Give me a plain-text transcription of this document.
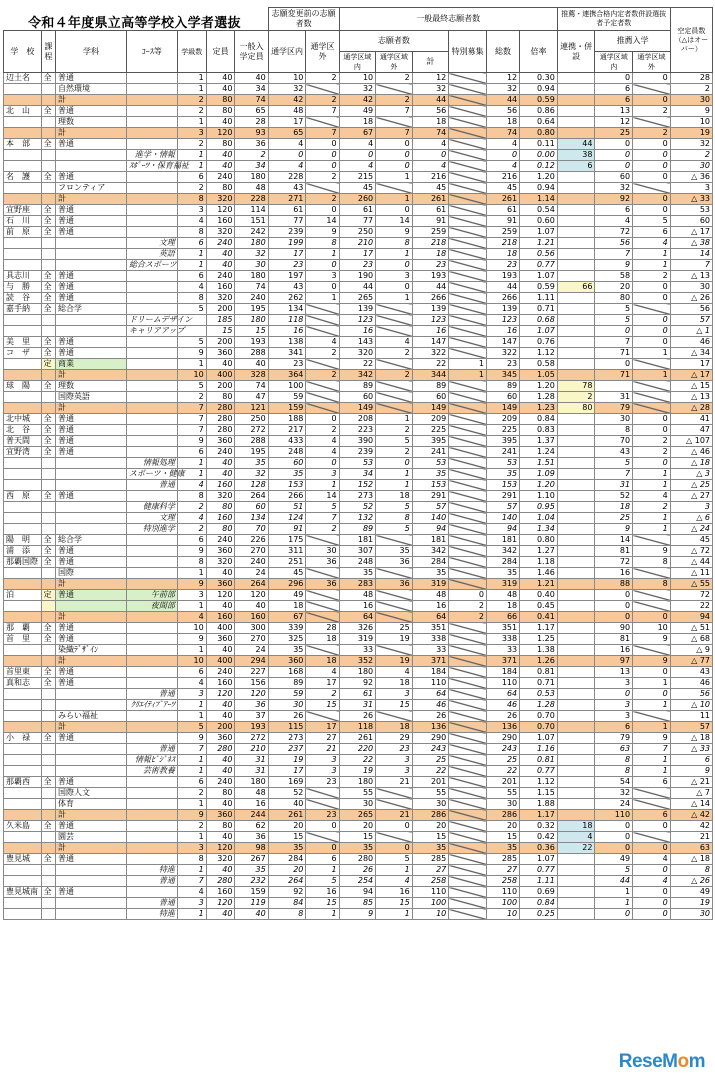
令和４年度県立高等学校入学者選抜
							志願変更前の志願者数		一般最終志願者数						推薦・連携合格内定者数併設選抜者予定者数			空定員数（△はオーバー）
学　校	課程	学科	ｺｰｽ等	学級数	定員	一般入学定員	通学区内	通学区外	志願者数			特別募集	総数	倍率	連携・併設	推薦入学		
									通学区域内	通学区域外	計					通学区域内	通学区域外	
辺土名	全	普通		1	40	40	10	2	10	2	12		12	0.30		0	0	28
		自然環境		1	40	34	32		32		32		32	0.94		6		2
		計		2	80	74	42	2	42	2	44		44	0.59		6	0	30
北　山	全	普通		2	80	65	48	7	49	7	56		56	0.86		13	2	9
		理数		1	40	28	17		18		18		18	0.64		12		10
		計		3	120	93	65	7	67	7	74		74	0.80		25	2	19
本　部	全	普通		2	80	36	4	0	4	0	4		4	0.11	44	0	0	32
			進学・情報	1	40	2	0	0	0	0	0		0	0.00	38	0	0	2
			ｽﾎﾟｰﾂ・保育福祉	1	40	34	4	0	4	0	4		4	0.12	6	0	0	30
名　護	全	普通		6	240	180	228	2	215	1	216		216	1.20		60	0	△ 36
		フロンティア		2	80	48	43		45		45		45	0.94		32		3
		計		8	320	228	271	2	260	1	261		261	1.14		92	0	△ 33
宜野座	全	普通		3	120	114	61	0	61	0	61		61	0.54		6	0	53
石　川	全	普通		4	160	151	77	14	77	14	91		91	0.60		4	5	60
前　原	全	普通		8	320	242	239	9	250	9	259		259	1.07		72	6	△ 17
			文理	6	240	180	199	8	210	8	218		218	1.21		56	4	△ 38
			英語	1	40	32	17	1	17	1	18		18	0.56		7	1	14
			総合スポーツ	1	40	30	23	0	23	0	23		23	0.77		9	1	7
具志川	全	普通		6	240	180	197	3	190	3	193		193	1.07		58	2	△ 13
与　勝	全	普通		4	160	74	43	0	44	0	44		44	0.59	66	20	0	30
読　谷	全	普通		8	320	240	262	1	265	1	266		266	1.11		80	0	△ 26
嘉手納	全	総合学		5	200	195	134		139		139		139	0.71		5		56
			ドリームデザイン		185	180	118		123		123		123	0.68		5	0	57
			キャリアアップ		15	15	16		16		16		16	1.07		0	0	△ 1
美　里	全	普通		5	200	193	138	4	143	4	147		147	0.76		7	0	46
コ　ザ	全	普通		9	360	288	341	2	320	2	322		322	1.12		71	1	△ 34
	定	商業		1	40	40	23		22		22	1	23	0.58		0		17
		計		10	400	328	364	2	342	2	344	1	345	1.05		71	1	△ 17
球　陽	全	理数		5	200	74	100		89		89		89	1.20	78			△ 15
		国際英語		2	80	47	59		60		60		60	1.28	2	31		△ 13
		計		7	280	121	159		149		149		149	1.23	80	79		△ 28
北中城	全	普通		7	280	250	188	0	208	1	209		209	0.84		30	0	41
北　谷	全	普通		7	280	272	217	2	223	2	225		225	0.83		8	0	47
普天間	全	普通		9	360	288	433	4	390	5	395		395	1.37		70	2	△ 107
宜野湾	全	普通		6	240	195	248	4	239	2	241		241	1.24		43	2	△ 46
			情報処理	1	40	35	60	0	53	0	53		53	1.51		5	0	△ 18
			スポーツ・健康	1	40	32	35	3	34	1	35		35	1.09		7	1	△ 3
			普通	4	160	128	153	1	152	1	153		153	1.20		31	1	△ 25
西　原	全	普通		8	320	264	266	14	273	18	291		291	1.10		52	4	△ 27
			健康科学	2	80	60	51	5	52	5	57		57	0.95		18	2	3
			文理	4	160	134	124	7	132	8	140		140	1.04		25	1	△ 6
			特別進学	2	80	70	91	2	89	5	94		94	1.34		9	1	△ 24
陽　明	全	総合学		6	240	226	175		181		181		181	0.80		14		45
浦　添	全	普通		9	360	270	311	30	307	35	342		342	1.27		81	9	△ 72
那覇国際	全	普通		8	320	240	251	36	248	36	284		284	1.18		72	8	△ 44
		国際		1	40	24	45		35		35		35	1.46		16		△ 11
		計		9	360	264	296	36	283	36	319		319	1.21		88	8	△ 55
泊	定	普通	午前部	3	120	120	49		48		48	0	48	0.40		0		72
			夜間部	1	40	40	18		16		16	2	18	0.45		0		22
		計		4	160	160	67		64		64	2	66	0.41		0	0	94
那　覇	全	普通		10	400	300	339	28	326	25	351		351	1.17		90	10	△ 51
首　里	全	普通		9	360	270	325	18	319	19	338		338	1.25		81	9	△ 68
		染織ﾃﾞｻﾞｲﾝ		1	40	24	35		33		33		33	1.38		16		△ 9
		計		10	400	294	360	18	352	19	371		371	1.26		97	9	△ 77
首里東	全	普通		6	240	227	168	4	180	4	184		184	0.81		13	0	43
真和志	全	普通		4	160	156	89	17	92	18	110		110	0.71		3	1	46
			普通	3	120	120	59	2	61	3	64		64	0.53		0	0	56
			ｸﾘｴｲﾃｨﾌﾞｱｰﾂ	1	40	36	30	15	31	15	46		46	1.28		3	1	△ 10
		みらい福祉		1	40	37	26		26		26		26	0.70		3		11
		計		5	200	193	115	17	118	18	136		136	0.70		6	1	57
小　禄	全	普通		9	360	272	273	27	261	29	290		290	1.07		79	9	△ 18
			普通	7	280	210	237	21	220	23	243		243	1.16		63	7	△ 33
			情報ﾋﾞｼﾞﾈｽ	1	40	31	19	3	22	3	25		25	0.81		8	1	6
			芸術教養	1	40	31	17	3	19	3	22		22	0.77		8	1	9
那覇西	全	普通		6	240	180	169	23	180	21	201		201	1.12		54	6	△ 21
		国際人文		2	80	48	52		55		55		55	1.15		32		△ 7
		体育		1	40	16	40		30		30		30	1.88		24		△ 14
		計		9	360	244	261	23	265	21	286		286	1.17		110	6	△ 42
久米島	全	普通		2	80	62	20	0	20	0	20		20	0.32	18	0	0	42
		園芸		1	40	36	15		15		15		15	0.42	4	0		21
		計		3	120	98	35	0	35	0	35		35	0.36	22	0	0	63
豊見城	全	普通		8	320	267	284	6	280	5	285		285	1.07		49	4	△ 18
			特進	1	40	35	20	1	26	1	27		27	0.77		5	0	8
			普通	7	280	232	264	5	254	4	258		258	1.11		44	4	△ 26
豊見城南	全	普通		4	160	159	92	16	94	16	110		110	0.69		1	0	49
			普通	3	120	119	84	15	85	15	100		100	0.84		1	0	19
			特進	1	40	40	8	1	9	1	10		10	0.25		0	0	30
ReseMom
